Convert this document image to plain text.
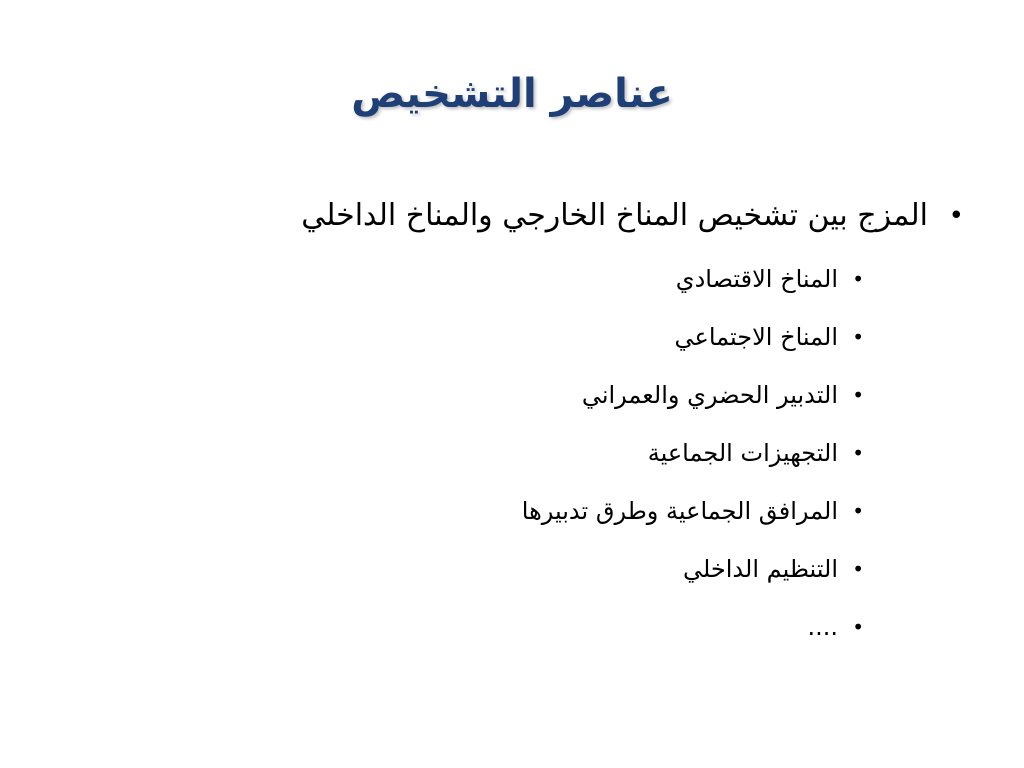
عناصر التشخيص
•
المزج بين تشخيص المناخ الخارجي والمناخ الداخلي
•
المناخ الاقتصادي
•
المناخ الاجتماعي
•
التدبير الحضري والعمراني
•
التجهيزات الجماعية
•
المرافق الجماعية وطرق تدبيرها
•
التنظيم الداخلي
•
....
